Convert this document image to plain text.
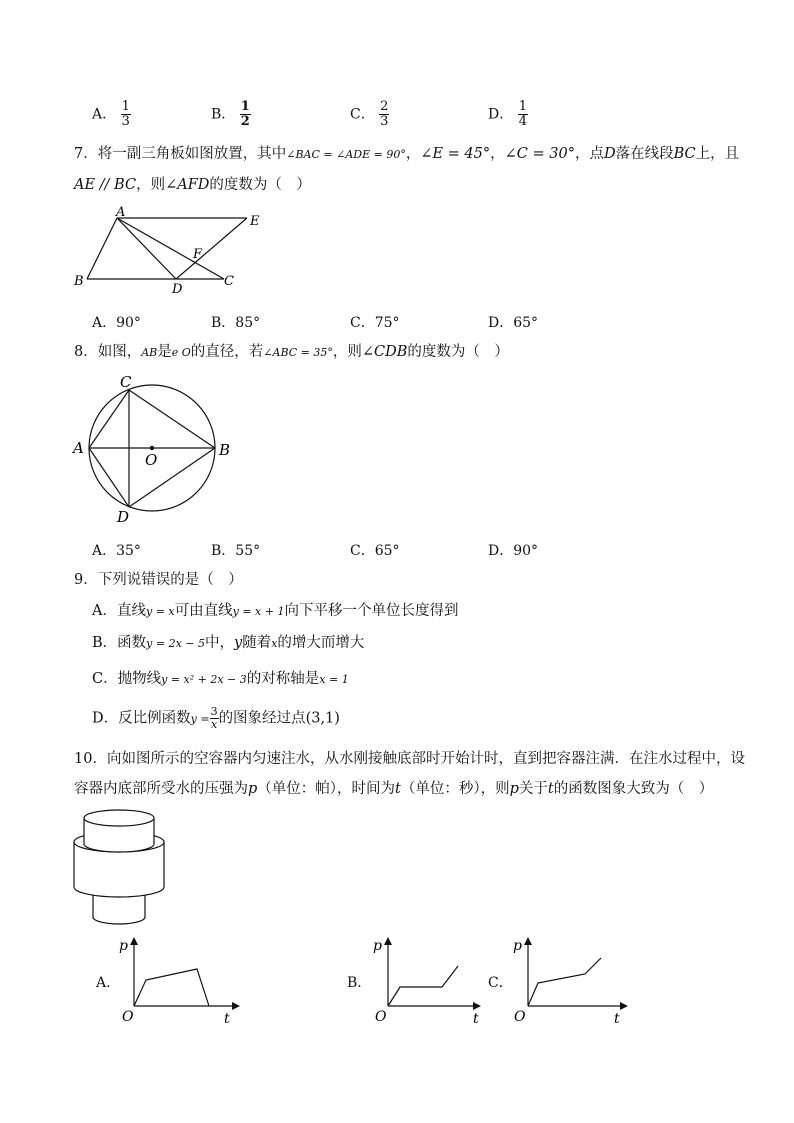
A． $\frac{1}{3}$	B． $\frac{1}{2}$	C． $\frac{2}{3}$	D． $\frac{1}{4}$
7．将一副三角板如图放置，其中∠BAC = ∠ADE = 90°，∠E = 45°，∠C = 30°，点D落在线段BC上，且
AE // BC，则∠AFD的度数为（　）
A
E
B	C
D
F
A．90°	B．85°	C．75°	D．65°
8．如图，AB是e O的直径，若∠ABC = 35°，则∠CDB的度数为（　）
C
A	B
O
D
A．35°	B．55°	C．65°	D．90°
9．下列说错误的是（　）
A．直线y = x可由直线y = x + 1向下平移一个单位长度得到
B．函数y = 2x − 5中，y随着x的增大而增大
C．抛物线y = x² + 2x − 3的对称轴是x = 1
D．反比例函数$y = \frac{3}{x}$ 的图象经过点(3,1)
10．向如图所示的空容器内匀速注水，从水刚接触底部时开始计时，直到把容器注满．在注水过程中，设
容器内底部所受水的压强为p（单位：帕），时间为t（单位：秒），则p关于t的函数图象大致为（　）
A．
p
t
O
B．
p
t
O
C．
p
t
O
